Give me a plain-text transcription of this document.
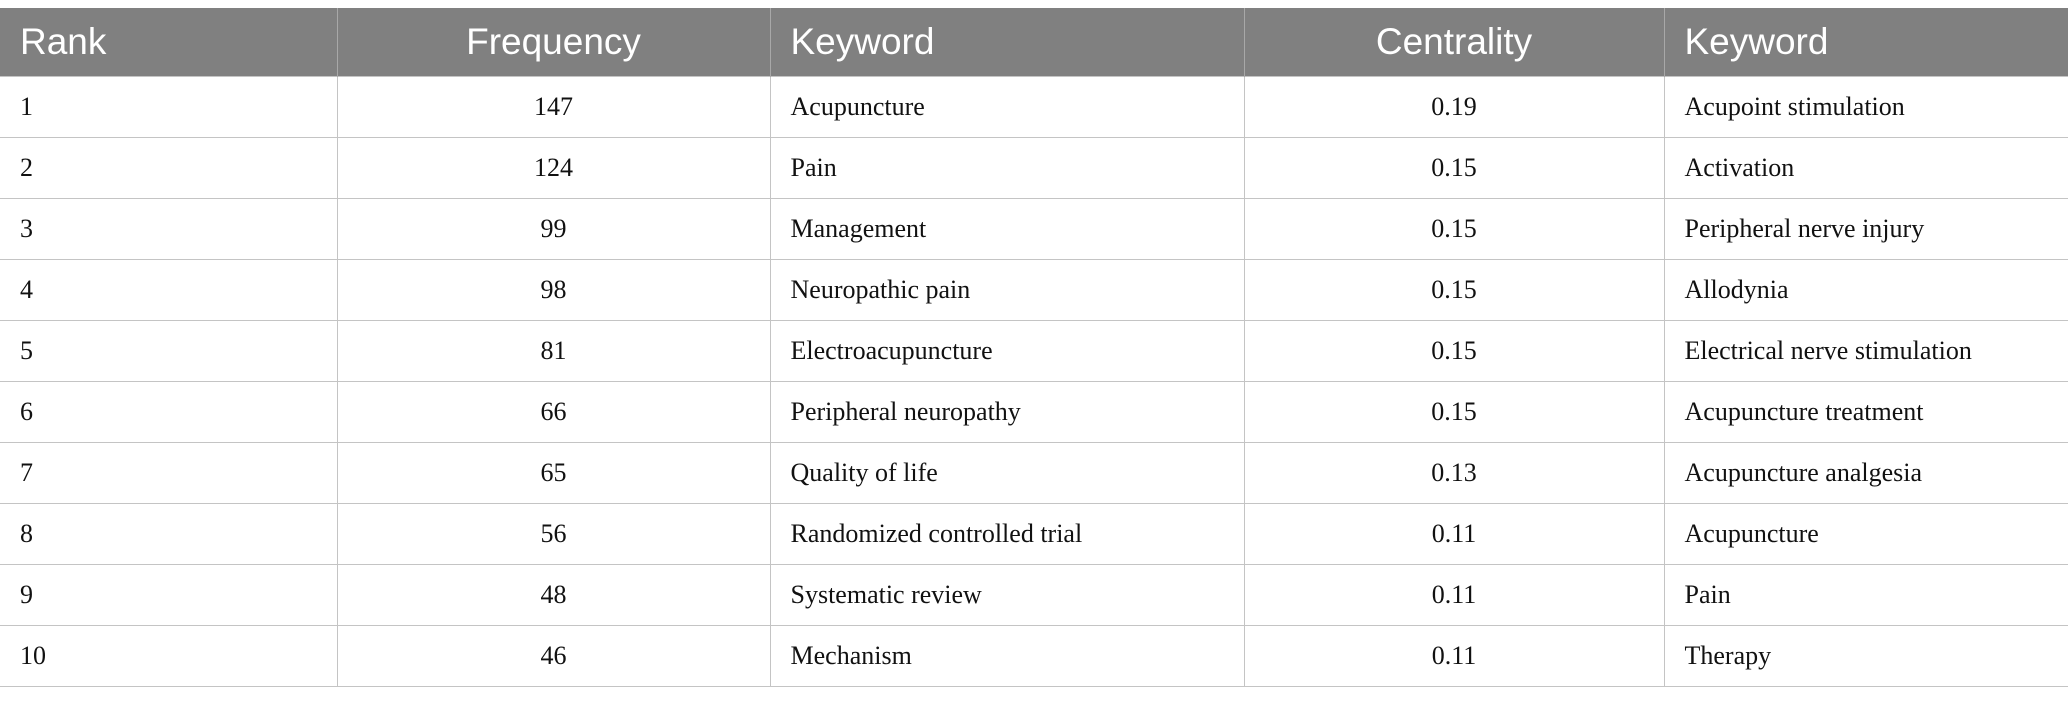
Rank	Frequency	Keyword	Centrality	Keyword
1	147	Acupuncture	0.19	Acupoint stimulation
2	124	Pain	0.15	Activation
3	99	Management	0.15	Peripheral nerve injury
4	98	Neuropathic pain	0.15	Allodynia
5	81	Electroacupuncture	0.15	Electrical nerve stimulation
6	66	Peripheral neuropathy	0.15	Acupuncture treatment
7	65	Quality of life	0.13	Acupuncture analgesia
8	56	Randomized controlled trial	0.11	Acupuncture
9	48	Systematic review	0.11	Pain
10	46	Mechanism	0.11	Therapy
